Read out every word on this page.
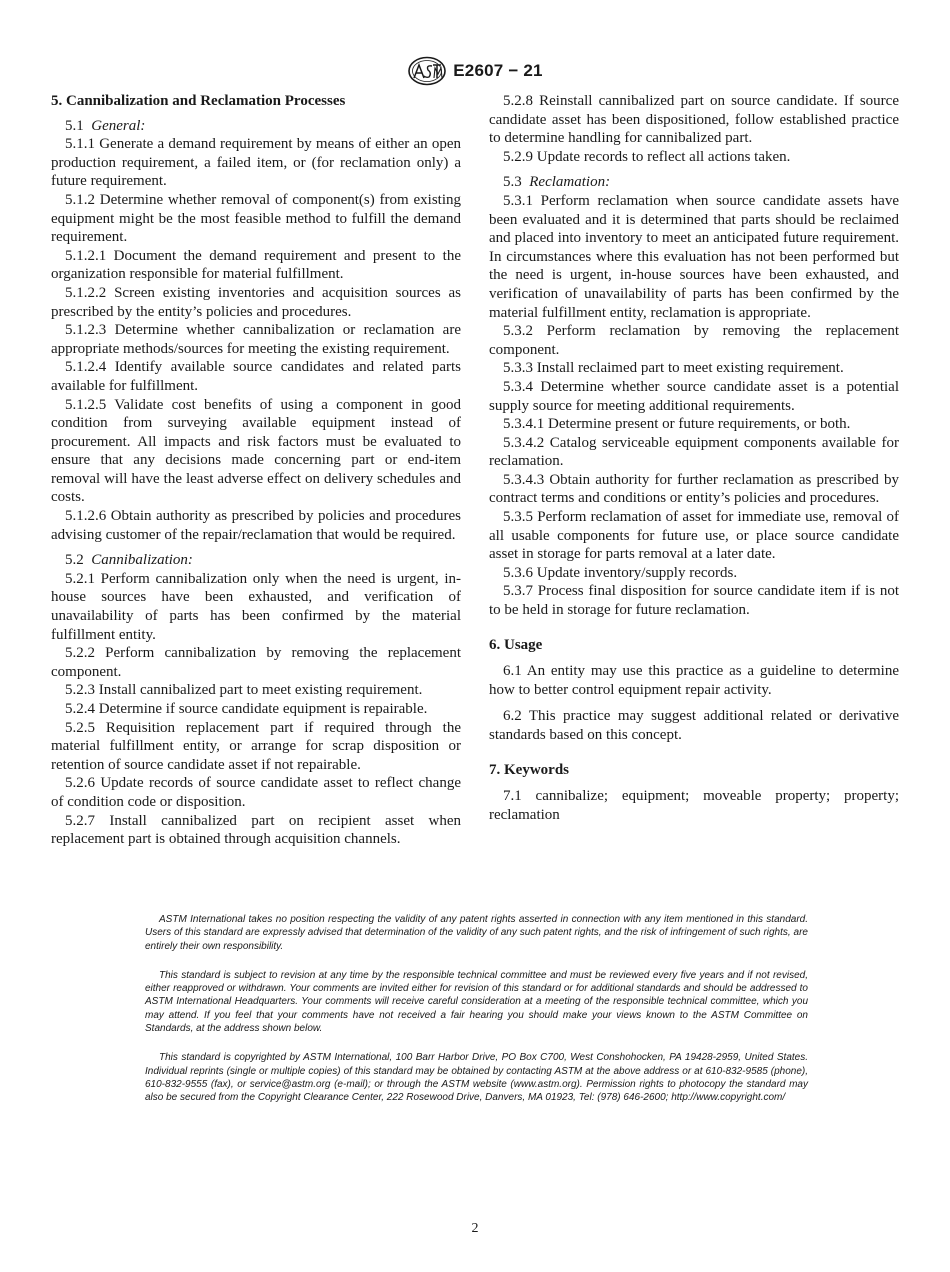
E2607 − 21
5. Cannibalization and Reclamation Processes

5.1 General:

5.1.1 Generate a demand requirement by means of either an open production requirement, a failed item, or (for reclamation only) a future requirement.

5.1.2 Determine whether removal of component(s) from existing equipment might be the most feasible method to fulfill the demand requirement.

5.1.2.1 Document the demand requirement and present to the organization responsible for material fulfillment.

5.1.2.2 Screen existing inventories and acquisition sources as prescribed by the entity’s policies and procedures.

5.1.2.3 Determine whether cannibalization or reclamation are appropriate methods/sources for meeting the existing requirement.

5.1.2.4 Identify available source candidates and related parts available for fulfillment.

5.1.2.5 Validate cost benefits of using a component in good condition from surveying available equipment instead of procurement. All impacts and risk factors must be evaluated to ensure that any decisions made concerning part or end-item removal will have the least adverse effect on delivery schedules and costs.

5.1.2.6 Obtain authority as prescribed by policies and procedures advising customer of the repair/reclamation that would be required.

5.2 Cannibalization:

5.2.1 Perform cannibalization only when the need is urgent, in-house sources have been exhausted, and verification of unavailability of parts has been confirmed by the material fulfillment entity.

5.2.2 Perform cannibalization by removing the replacement component.

5.2.3 Install cannibalized part to meet existing requirement.

5.2.4 Determine if source candidate equipment is repairable.

5.2.5 Requisition replacement part if required through the material fulfillment entity, or arrange for scrap disposition or retention of source candidate asset if not repairable.

5.2.6 Update records of source candidate asset to reflect change of condition code or disposition.

5.2.7 Install cannibalized part on recipient asset when replacement part is obtained through acquisition channels.

5.2.8 Reinstall cannibalized part on source candidate. If source candidate asset has been dispositioned, follow established practice to determine handling for cannibalized part.

5.2.9 Update records to reflect all actions taken.

5.3 Reclamation:

5.3.1 Perform reclamation when source candidate assets have been evaluated and it is determined that parts should be reclaimed and placed into inventory to meet an anticipated future requirement. In circumstances where this evaluation has not been performed but the need is urgent, in-house sources have been exhausted, and verification of unavailability of parts has been confirmed by the material fulfillment entity, reclamation is appropriate.

5.3.2 Perform reclamation by removing the replacement component.

5.3.3 Install reclaimed part to meet existing requirement.

5.3.4 Determine whether source candidate asset is a potential supply source for meeting additional requirements.

5.3.4.1 Determine present or future requirements, or both.

5.3.4.2 Catalog serviceable equipment components available for reclamation.

5.3.4.3 Obtain authority for further reclamation as prescribed by contract terms and conditions or entity’s policies and procedures.

5.3.5 Perform reclamation of asset for immediate use, removal of all usable components for future use, or place source candidate asset in storage for parts removal at a later date.

5.3.6 Update inventory/supply records.

5.3.7 Process final disposition for source candidate item if is not to be held in storage for future reclamation.

6. Usage

6.1 An entity may use this practice as a guideline to determine how to better control equipment repair activity.

6.2 This practice may suggest additional related or derivative standards based on this concept.

7. Keywords

7.1 cannibalize; equipment; moveable property; property; reclamation

ASTM International takes no position respecting the validity of any patent rights asserted in connection with any item mentioned in this standard. Users of this standard are expressly advised that determination of the validity of any such patent rights, and the risk of infringement of such rights, are entirely their own responsibility.

This standard is subject to revision at any time by the responsible technical committee and must be reviewed every five years and if not revised, either reapproved or withdrawn. Your comments are invited either for revision of this standard or for additional standards and should be addressed to ASTM International Headquarters. Your comments will receive careful consideration at a meeting of the responsible technical committee, which you may attend. If you feel that your comments have not received a fair hearing you should make your views known to the ASTM Committee on Standards, at the address shown below.

This standard is copyrighted by ASTM International, 100 Barr Harbor Drive, PO Box C700, West Conshohocken, PA 19428-2959, United States. Individual reprints (single or multiple copies) of this standard may be obtained by contacting ASTM at the above address or at 610-832-9585 (phone), 610-832-9555 (fax), or service@astm.org (e-mail); or through the ASTM website (www.astm.org). Permission rights to photocopy the standard may also be secured from the Copyright Clearance Center, 222 Rosewood Drive, Danvers, MA 01923, Tel: (978) 646-2600; http://www.copyright.com/

2
